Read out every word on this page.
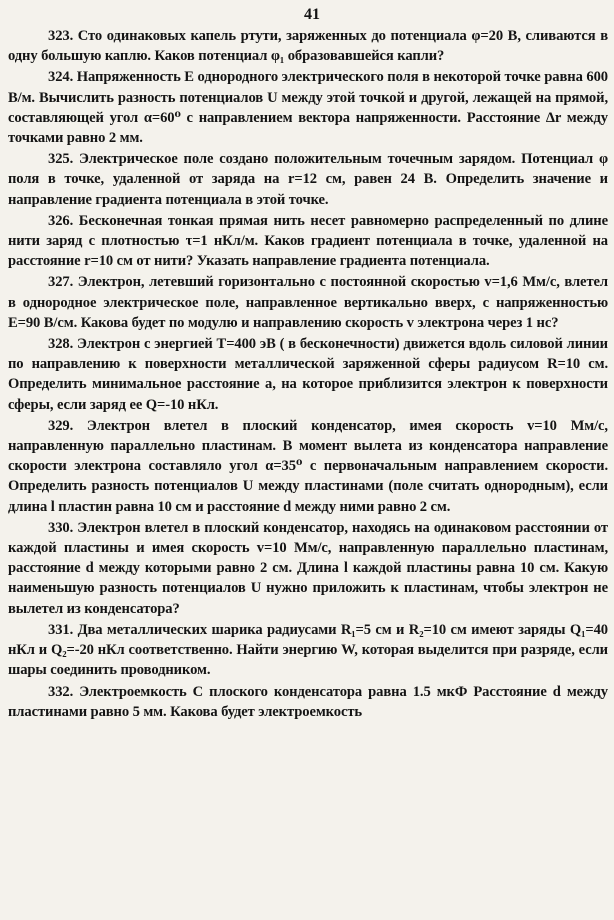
41
323. Сто одинаковых капель ртути, заряженных до потенциала φ=20 В, сливаются в одну большую каплю. Каков потенциал φ₁ образовавшейся капли?
324. Напряженность E однородного электрического поля в некоторой точке равна 600 В/м. Вычислить разность потенциалов U между этой точкой и другой, лежащей на прямой, составляющей угол α=60⁰ с направлением вектора напряженности. Расстояние Δr между точками равно 2 мм.
325. Электрическое поле создано положительным точечным зарядом. Потенциал φ поля в точке, удаленной от заряда на r=12 см, равен 24 В. Определить значение и направление градиента потенциала в этой точке.
326. Бесконечная тонкая прямая нить несет равномерно распределенный по длине нити заряд с плотностью τ=1 нКл/м. Каков градиент потенциала в точке, удаленной на расстояние r=10 см от нити? Указать направление градиента потенциала.
327. Электрон, летевший горизонтально с постоянной скоростью v=1,6 Мм/с, влетел в однородное электрическое поле, направленное вертикально вверх, с напряженностью E=90 В/см. Какова будет по модулю и направлению скорость v электрона через 1 нс?
328. Электрон с энергией T=400 эВ ( в бесконечности) движется вдоль силовой линии по направлению к поверхности металлической заряженной сферы радиусом R=10 см. Определить минимальное расстояние a, на которое приблизится электрон к поверхности сферы, если заряд ее Q=-10 нКл.
329. Электрон влетел в плоский конденсатор, имея скорость v=10 Мм/с, направленную параллельно пластинам. В момент вылета из конденсатора направление скорости электрона составляло угол α=35⁰ с первоначальным направлением скорости. Определить разность потенциалов U между пластинами (поле считать однородным), если длина l пластин равна 10 см и расстояние d между ними равно 2 см.
330. Электрон влетел в плоский конденсатор, находясь на одинаковом расстоянии от каждой пластины и имея скорость v=10 Мм/с, направленную параллельно пластинам, расстояние d между которыми равно 2 см. Длина l каждой пластины равна 10 см. Какую наименьшую разность потенциалов U нужно приложить к пластинам, чтобы электрон не вылетел из конденсатора?
331. Два металлических шарика радиусами R₁=5 см и R₂=10 см имеют заряды Q₁=40 нКл и Q₂=-20 нКл соответственно. Найти энергию W, которая выделится при разряде, если шары соединить проводником.
332. Электроемкость C плоского конденсатора равна 1.5 мкФ Расстояние d между пластинами равно 5 мм. Какова будет электроемкость
